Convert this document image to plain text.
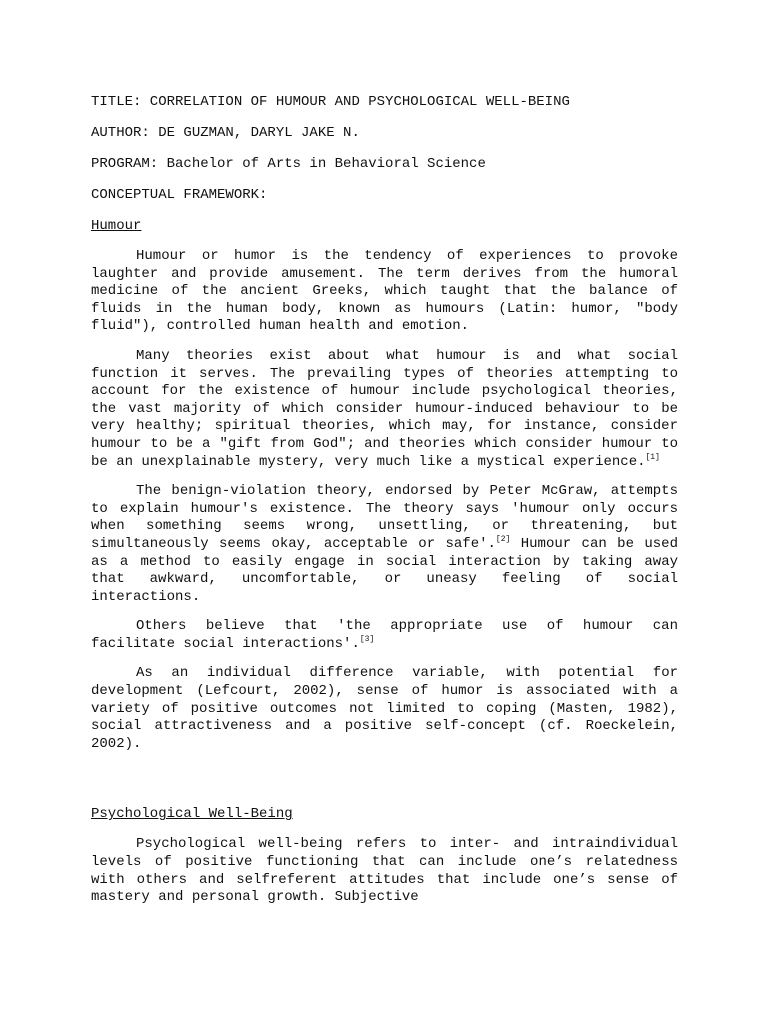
TITLE: CORRELATION OF HUMOUR AND PSYCHOLOGICAL WELL-BEING
AUTHOR: DE GUZMAN, DARYL JAKE N.
PROGRAM: Bachelor of Arts in Behavioral Science
CONCEPTUAL FRAMEWORK:
Humour

Humour or humor is the tendency of experiences to provoke laughter and provide amusement. The term derives from the humoral medicine of the ancient Greeks, which taught that the balance of fluids in the human body, known as humours (Latin: humor, "body fluid"), controlled human health and emotion.

Many theories exist about what humour is and what social function it serves. The prevailing types of theories attempting to account for the existence of humour include psychological theories, the vast majority of which consider humour-induced behaviour to be very healthy; spiritual theories, which may, for instance, consider humour to be a "gift from God"; and theories which consider humour to be an unexplainable mystery, very much like a mystical experience.[1]

The benign-violation theory, endorsed by Peter McGraw, attempts to explain humour's existence. The theory says 'humour only occurs when something seems wrong, unsettling, or threatening, but simultaneously seems okay, acceptable or safe'.[2] Humour can be used as a method to easily engage in social interaction by taking away that awkward, uncomfortable, or uneasy feeling of social interactions.

Others believe that 'the appropriate use of humour can facilitate social interactions'.[3]

As an individual difference variable, with potential for development (Lefcourt, 2002), sense of humor is associated with a variety of positive outcomes not limited to coping (Masten, 1982), social attractiveness and a positive self-concept (cf. Roeckelein, 2002).

Psychological Well-Being

Psychological well-being refers to inter- and intraindividual levels of positive functioning that can include one’s relatedness with others and selfreferent attitudes that include one’s sense of mastery and personal growth. Subjective
